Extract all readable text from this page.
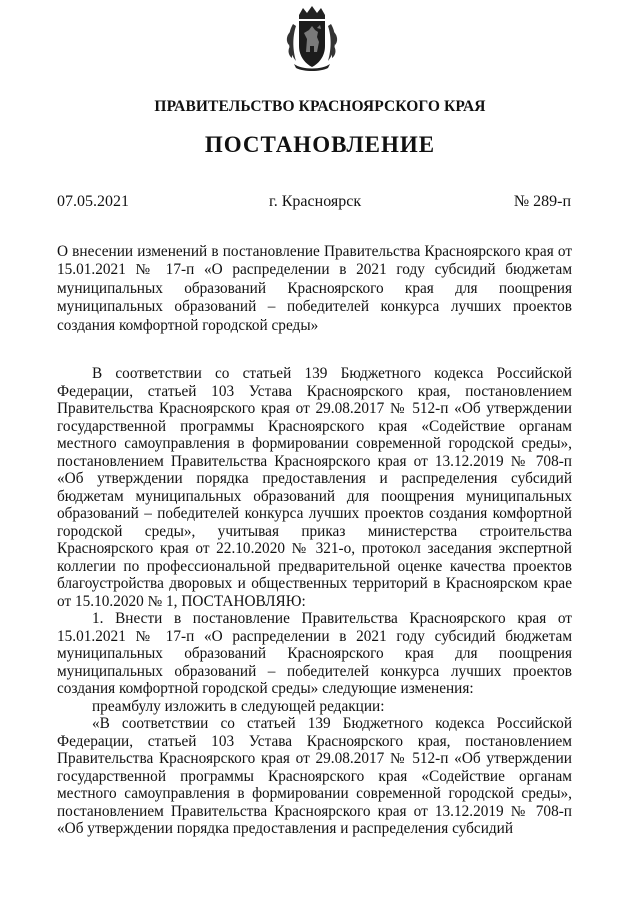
ПРАВИТЕЛЬСТВО КРАСНОЯРСКОГО КРАЯ
ПОСТАНОВЛЕНИЕ
07.05.2021	г. Красноярск	№ 289-п
О внесении изменений в постановление Правительства Красноярского края от 15.01.2021 № 17-п «О распределении в 2021 году субсидий бюджетам муниципальных образований Красноярского края для поощрения муниципальных образований – победителей конкурса лучших проектов создания комфортной городской среды»

В соответствии со статьей 139 Бюджетного кодекса Российской Федерации, статьей 103 Устава Красноярского края, постановлением Правительства Красноярского края от 29.08.2017 № 512-п «Об утверждении государственной программы Красноярского края «Содействие органам местного самоуправления в формировании современной городской среды», постановлением Правительства Красноярского края от 13.12.2019 № 708-п «Об утверждении порядка предоставления и распределения субсидий бюджетам муниципальных образований для поощрения муниципальных образований – победителей конкурса лучших проектов создания комфортной городской среды», учитывая приказ министерства строительства Красноярского края от 22.10.2020 № 321-о, протокол заседания экспертной коллегии по профессиональной предварительной оценке качества проектов благоустройства дворовых и общественных территорий в Красноярском крае от 15.10.2020 № 1, ПОСТАНОВЛЯЮ:

1. Внести в постановление Правительства Красноярского края от 15.01.2021 № 17-п «О распределении в 2021 году субсидий бюджетам муниципальных образований Красноярского края для поощрения муниципальных образований – победителей конкурса лучших проектов создания комфортной городской среды» следующие изменения:

преамбулу изложить в следующей редакции:

«В соответствии со статьей 139 Бюджетного кодекса Российской Федерации, статьей 103 Устава Красноярского края, постановлением Правительства Красноярского края от 29.08.2017 № 512-п «Об утверждении государственной программы Красноярского края «Содействие органам местного самоуправления в формировании современной городской среды», постановлением Правительства Красноярского края от 13.12.2019 № 708-п «Об утверждении порядка предоставления и распределения субсидий
